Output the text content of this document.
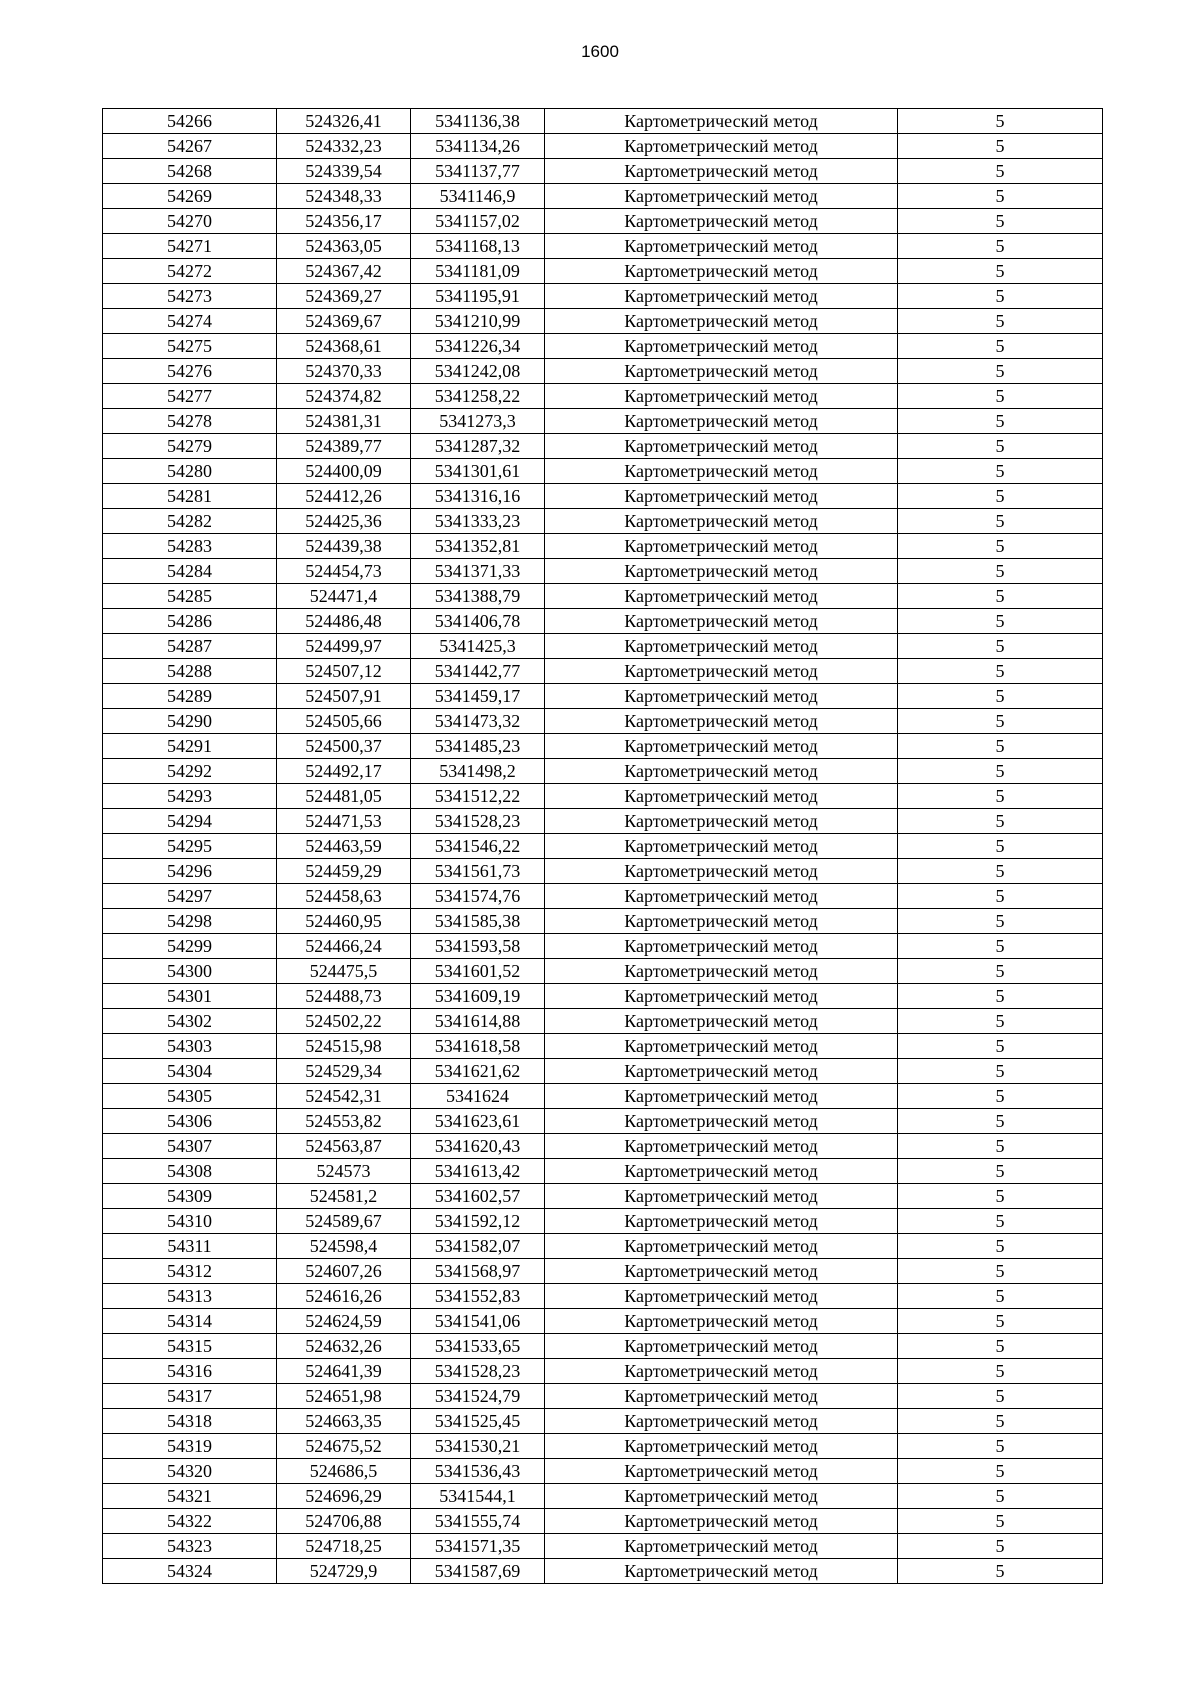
1600
54266	524326,41	5341136,38	Картометрический метод	5
54267	524332,23	5341134,26	Картометрический метод	5
54268	524339,54	5341137,77	Картометрический метод	5
54269	524348,33	5341146,9	Картометрический метод	5
54270	524356,17	5341157,02	Картометрический метод	5
54271	524363,05	5341168,13	Картометрический метод	5
54272	524367,42	5341181,09	Картометрический метод	5
54273	524369,27	5341195,91	Картометрический метод	5
54274	524369,67	5341210,99	Картометрический метод	5
54275	524368,61	5341226,34	Картометрический метод	5
54276	524370,33	5341242,08	Картометрический метод	5
54277	524374,82	5341258,22	Картометрический метод	5
54278	524381,31	5341273,3	Картометрический метод	5
54279	524389,77	5341287,32	Картометрический метод	5
54280	524400,09	5341301,61	Картометрический метод	5
54281	524412,26	5341316,16	Картометрический метод	5
54282	524425,36	5341333,23	Картометрический метод	5
54283	524439,38	5341352,81	Картометрический метод	5
54284	524454,73	5341371,33	Картометрический метод	5
54285	524471,4	5341388,79	Картометрический метод	5
54286	524486,48	5341406,78	Картометрический метод	5
54287	524499,97	5341425,3	Картометрический метод	5
54288	524507,12	5341442,77	Картометрический метод	5
54289	524507,91	5341459,17	Картометрический метод	5
54290	524505,66	5341473,32	Картометрический метод	5
54291	524500,37	5341485,23	Картометрический метод	5
54292	524492,17	5341498,2	Картометрический метод	5
54293	524481,05	5341512,22	Картометрический метод	5
54294	524471,53	5341528,23	Картометрический метод	5
54295	524463,59	5341546,22	Картометрический метод	5
54296	524459,29	5341561,73	Картометрический метод	5
54297	524458,63	5341574,76	Картометрический метод	5
54298	524460,95	5341585,38	Картометрический метод	5
54299	524466,24	5341593,58	Картометрический метод	5
54300	524475,5	5341601,52	Картометрический метод	5
54301	524488,73	5341609,19	Картометрический метод	5
54302	524502,22	5341614,88	Картометрический метод	5
54303	524515,98	5341618,58	Картометрический метод	5
54304	524529,34	5341621,62	Картометрический метод	5
54305	524542,31	5341624	Картометрический метод	5
54306	524553,82	5341623,61	Картометрический метод	5
54307	524563,87	5341620,43	Картометрический метод	5
54308	524573	5341613,42	Картометрический метод	5
54309	524581,2	5341602,57	Картометрический метод	5
54310	524589,67	5341592,12	Картометрический метод	5
54311	524598,4	5341582,07	Картометрический метод	5
54312	524607,26	5341568,97	Картометрический метод	5
54313	524616,26	5341552,83	Картометрический метод	5
54314	524624,59	5341541,06	Картометрический метод	5
54315	524632,26	5341533,65	Картометрический метод	5
54316	524641,39	5341528,23	Картометрический метод	5
54317	524651,98	5341524,79	Картометрический метод	5
54318	524663,35	5341525,45	Картометрический метод	5
54319	524675,52	5341530,21	Картометрический метод	5
54320	524686,5	5341536,43	Картометрический метод	5
54321	524696,29	5341544,1	Картометрический метод	5
54322	524706,88	5341555,74	Картометрический метод	5
54323	524718,25	5341571,35	Картометрический метод	5
54324	524729,9	5341587,69	Картометрический метод	5
